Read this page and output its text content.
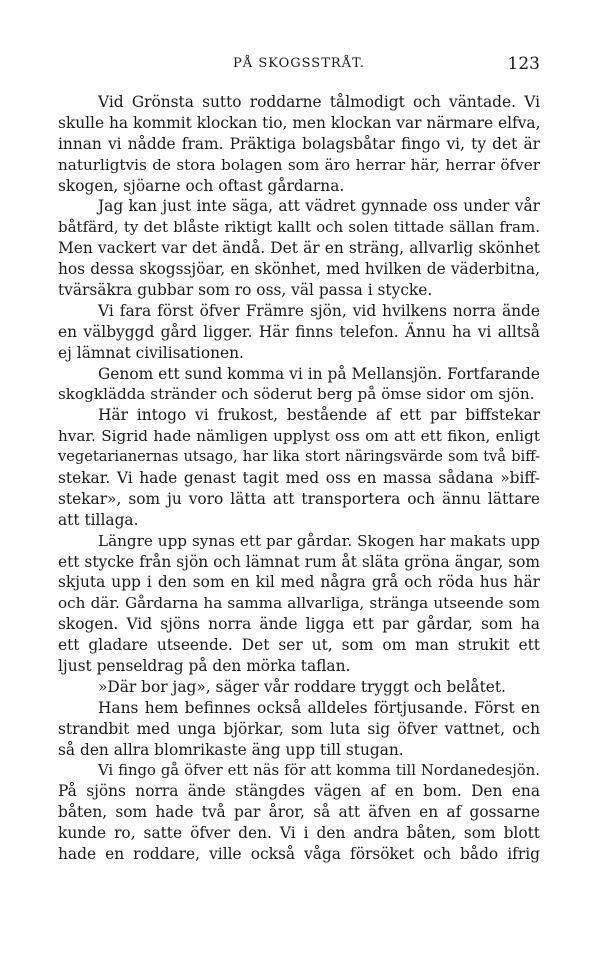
PÅ SKOGSSTRÅT.	123
Vid Grönsta sutto roddarne tålmodigt och väntade. Vi
skulle ha kommit klockan tio, men klockan var närmare elfva,
innan vi nådde fram. Präktiga bolagsbåtar fingo vi, ty det är
naturligtvis de stora bolagen som äro herrar här, herrar öfver
skogen, sjöarne och oftast gårdarna.
Jag kan just inte säga, att vädret gynnade oss under vår
båtfärd, ty det blåste riktigt kallt och solen tittade sällan fram.
Men vackert var det ändå. Det är en sträng, allvarlig skönhet
hos dessa skogssjöar, en skönhet, med hvilken de väderbitna,
tvärsäkra gubbar som ro oss, väl passa i stycke.
Vi fara först öfver Främre sjön, vid hvilkens norra ände
en välbyggd gård ligger. Här finns telefon. Ännu ha vi alltså
ej lämnat civilisationen.
Genom ett sund komma vi in på Mellansjön. Fortfarande
skogklädda stränder och söderut berg på ömse sidor om sjön.
Här intogo vi frukost, bestående af ett par biffstekar
hvar. Sigrid hade nämligen upplyst oss om att ett fikon, enligt
vegetarianernas utsago, har lika stort näringsvärde som två biff-
stekar. Vi hade genast tagit med oss en massa sådana »biff-
stekar», som ju voro lätta att transportera och ännu lättare
att tillaga.
Längre upp synas ett par gårdar. Skogen har makats upp
ett stycke från sjön och lämnat rum åt släta gröna ängar, som
skjuta upp i den som en kil med några grå och röda hus här
och där. Gårdarna ha samma allvarliga, stränga utseende som
skogen. Vid sjöns norra ände ligga ett par gårdar, som ha
ett gladare utseende. Det ser ut, som om man strukit ett
ljust penseldrag på den mörka taflan.
»Där bor jag», säger vår roddare tryggt och belåtet.
Hans hem befinnes också alldeles förtjusande. Först en
strandbit med unga björkar, som luta sig öfver vattnet, och
så den allra blomrikaste äng upp till stugan.
Vi fingo gå öfver ett näs för att komma till Nordanedesjön.
På sjöns norra ände stängdes vägen af en bom. Den ena
båten, som hade två par åror, så att äfven en af gossarne
kunde ro, satte öfver den. Vi i den andra båten, som blott
hade en roddare, ville också våga försöket och bådo ifrig
